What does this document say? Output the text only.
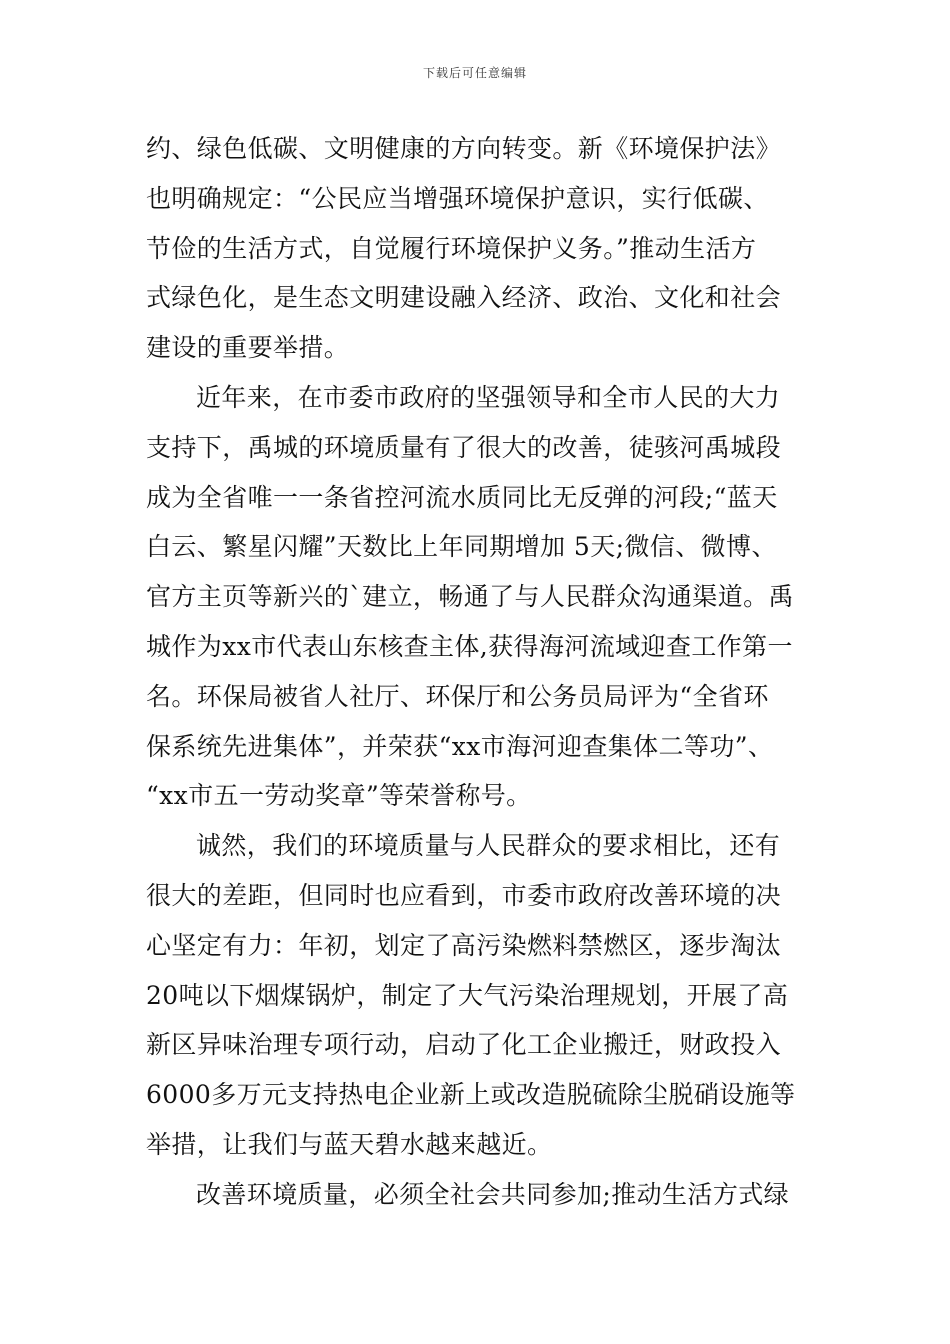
下载后可任意编辑
约、绿色低碳、文明健康的方向转变。新《环境保护法》
也明确规定：“公民应当增强环境保护意识，实行低碳、
节俭的生活方式，自觉履行环境保护义务。”推动生活方
式绿色化，是生态文明建设融入经济、政治、文化和社会
建设的重要举措。
近年来，在市委市政府的坚强领导和全市人民的大力
支持下，禹城的环境质量有了很大的改善，徒骇河禹城段
成为全省唯一一条省控河流水质同比无反弹的河段;“蓝天
白云、繁星闪耀”天数比上年同期增加 5天;微信、微博、
官方主页等新兴的`建立，畅通了与人民群众沟通渠道。禹
城作为xx市代表山东核查主体,获得海河流域迎查工作第一
名。环保局被省人社厅、环保厅和公务员局评为“全省环
保系统先进集体”，并荣获“xx市海河迎查集体二等功”、
“xx市五一劳动奖章”等荣誉称号。
诚然，我们的环境质量与人民群众的要求相比，还有
很大的差距，但同时也应看到，市委市政府改善环境的决
心坚定有力：年初，划定了高污染燃料禁燃区，逐步淘汰
20吨以下烟煤锅炉，制定了大气污染治理规划，开展了高
新区异味治理专项行动，启动了化工企业搬迁，财政投入
6000多万元支持热电企业新上或改造脱硫除尘脱硝设施等
举措，让我们与蓝天碧水越来越近。
改善环境质量，必须全社会共同参加;推动生活方式绿
